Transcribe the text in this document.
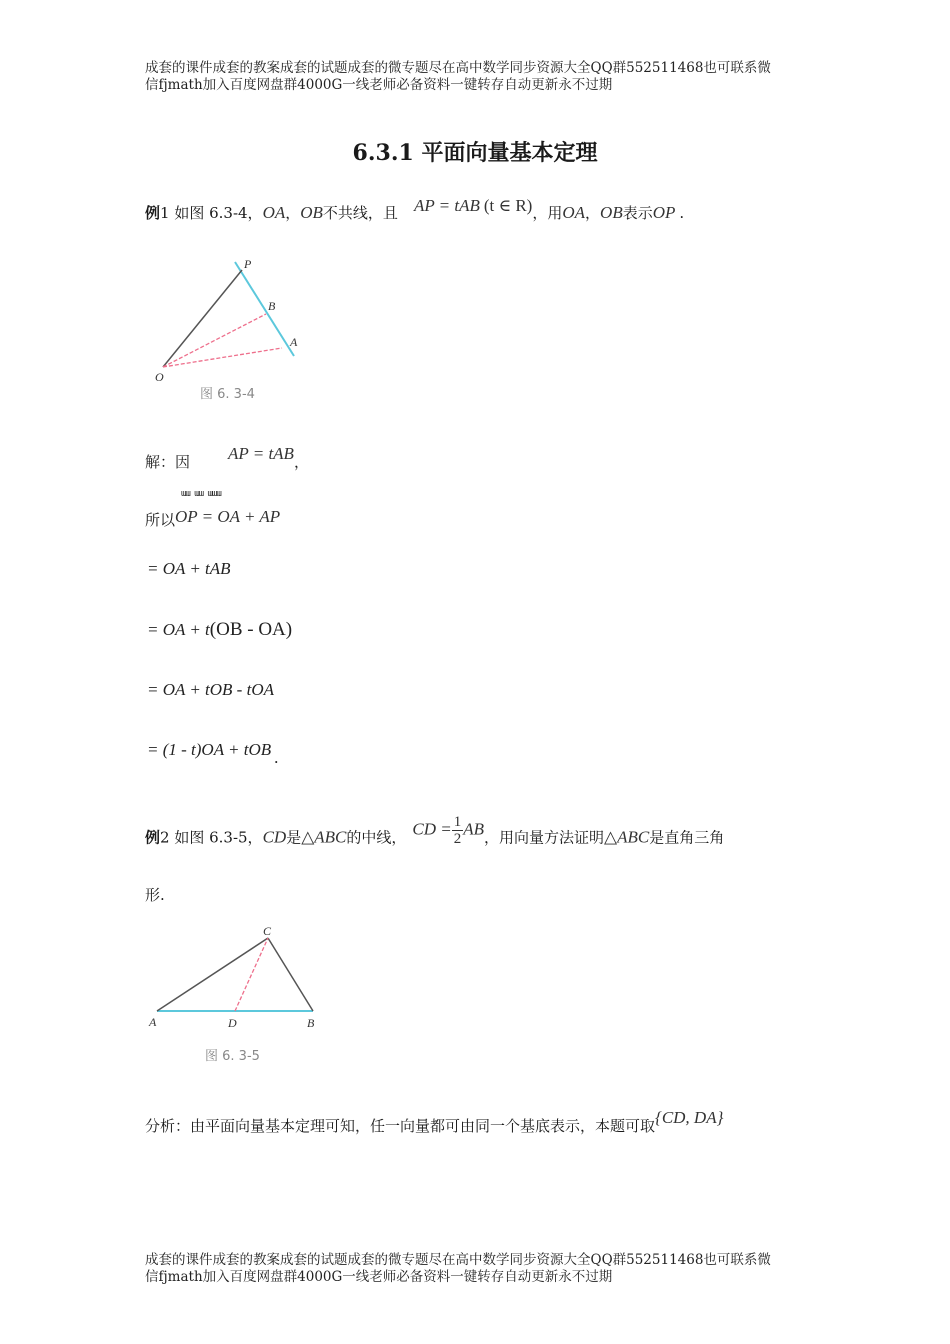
成套的课件成套的教案成套的试题成套的微专题尽在高中数学同步资源大全QQ群552511468也可联系微
信fjmath加入百度网盘群4000G一线老师必备资料一键转存自动更新永不过期
6.3.1 平面向量基本定理
例1 如图 6.3-4，OA，OB不共线，且 AP = tAB (t ∈ R)，用OA，OB表示OP .
P
B
A
O
图 6. 3-4
解：因 AP = tAB，
ɯɯ ɯɯ ɯɯɯ
所以OP = OA + AP
= OA + tAB
= OA + t(OB - OA)
= OA + tOB - tOA
= (1 - t)OA + tOB .
例2 如图 6.3-5，CD是△ABC的中线， CD = $\frac{1}{2}$ AB，用向量方法证明△ABC是直角三角
形.
C
A	D	B
图 6. 3-5
分析：由平面向量基本定理可知，任一向量都可由同一个基底表示，本题可取{CD, DA}
成套的课件成套的教案成套的试题成套的微专题尽在高中数学同步资源大全QQ群552511468也可联系微
信fjmath加入百度网盘群4000G一线老师必备资料一键转存自动更新永不过期
